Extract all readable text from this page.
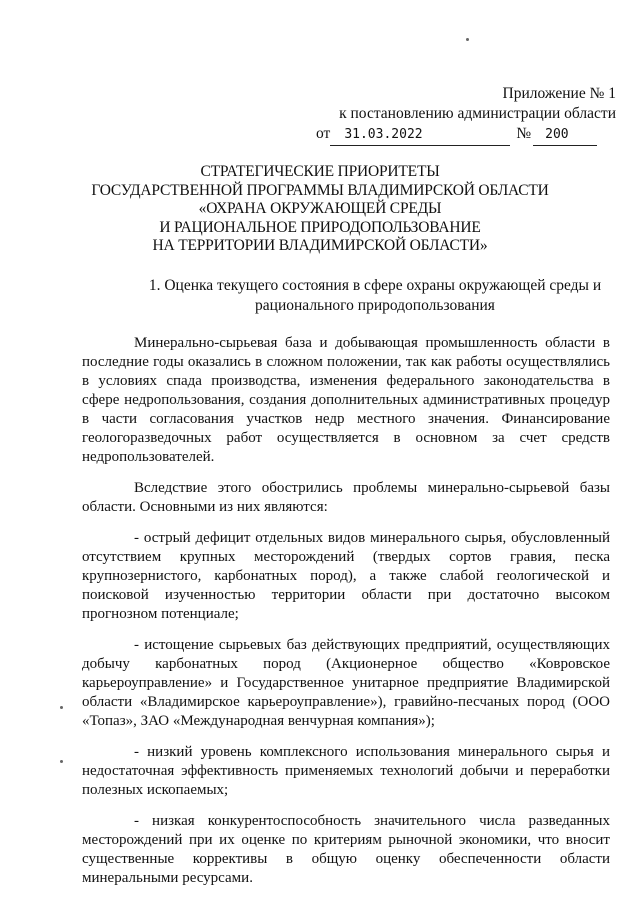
Приложение № 1
к постановлению администрации области
от 31.03.2022	№ 200
СТРАТЕГИЧЕСКИЕ ПРИОРИТЕТЫ
ГОСУДАРСТВЕННОЙ ПРОГРАММЫ ВЛАДИМИРСКОЙ ОБЛАСТИ
«ОХРАНА ОКРУЖАЮЩЕЙ СРЕДЫ
И РАЦИОНАЛЬНОЕ ПРИРОДОПОЛЬЗОВАНИЕ
НА ТЕРРИТОРИИ ВЛАДИМИРСКОЙ ОБЛАСТИ»
1. Оценка текущего состояния в сфере охраны окружающей среды и рационального природопользования

Минерально-сырьевая база и добывающая промышленность области в последние годы оказались в сложном положении, так как работы осуществлялись в условиях спада производства, изменения федерального законодательства в сфере недропользования, создания дополнительных административных процедур в части согласования участков недр местного значения. Финансирование геологоразведочных работ осуществляется в основном за счет средств недропользователей.

Вследствие этого обострились проблемы минерально-сырьевой базы области. Основными из них являются:

- острый дефицит отдельных видов минерального сырья, обусловленный отсутствием крупных месторождений (твердых сортов гравия, песка крупнозернистого, карбонатных пород), а также слабой геологической и поисковой изученностью территории области при достаточно высоком прогнозном потенциале;

- истощение сырьевых баз действующих предприятий, осуществляющих добычу карбонатных пород (Акционерное общество «Ковровское карьероуправление» и Государственное унитарное предприятие Владимирской области «Владимирское карьероуправление»), гравийно-песчаных пород (ООО «Топаз», ЗАО «Международная венчурная компания»);

- низкий уровень комплексного использования минерального сырья и недостаточная эффективность применяемых технологий добычи и переработки полезных ископаемых;

- низкая конкурентоспособность значительного числа разведанных месторождений при их оценке по критериям рыночной экономики, что вносит существенные коррективы в общую оценку обеспеченности области минеральными ресурсами.
